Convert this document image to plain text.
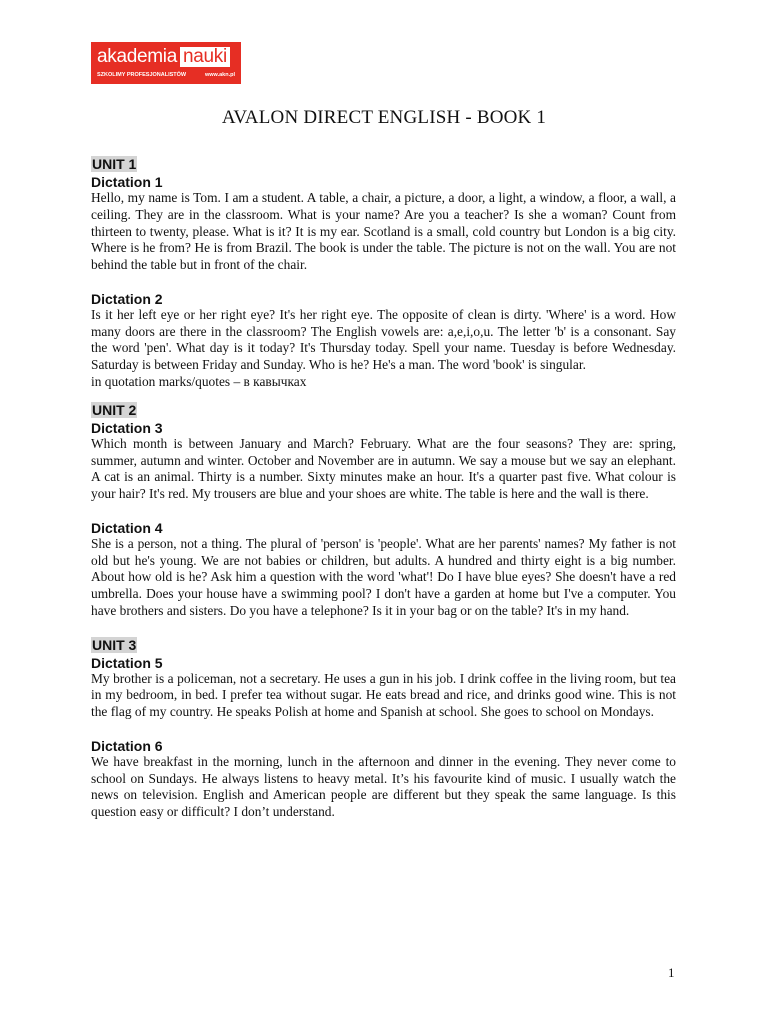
akademia nauki
SZKOLIMY PROFESJONALISTÓW	www.akn.pl
AVALON DIRECT ENGLISH - BOOK 1
UNIT 1
Dictation 1

Hello, my name is Tom. I am a student. A table, a chair, a picture, a door, a light, a window, a floor, a wall, a ceiling. They are in the classroom. What is your name? Are you a teacher? Is she a woman? Count from thirteen to twenty, please. What is it? It is my ear. Scotland is a small, cold country but London is a big city. Where is he from? He is from Brazil. The book is under the table. The picture is not on the wall. You are not behind the table but in front of the chair.

Dictation 2

Is it her left eye or her right eye? It's her right eye. The opposite of clean is dirty. 'Where' is a word. How many doors are there in the classroom? The English vowels are: a,e,i,o,u. The letter 'b' is a consonant. Say the word 'pen'. What day is it today? It's Thursday today. Spell your name. Tuesday is before Wednesday. Saturday is between Friday and Sunday. Who is he? He's a man. The word 'book' is singular.

in quotation marks/quotes – в кавычках

UNIT 2
Dictation 3

Which month is between January and March? February. What are the four seasons? They are: spring, summer, autumn and winter. October and November are in autumn. We say a mouse but we say an elephant. A cat is an animal. Thirty is a number. Sixty minutes make an hour. It's a quarter past five. What colour is your hair? It's red. My trousers are blue and your shoes are white. The table is here and the wall is there.

Dictation 4

She is a person, not a thing. The plural of 'person' is 'people'. What are her parents' names? My father is not old but he's young. We are not babies or children, but adults. A hundred and thirty eight is a big number. About how old is he? Ask him a question with the word 'what'! Do I have blue eyes? She doesn't have a red umbrella. Does your house have a swimming pool? I don't have a garden at home but I've a computer. You have brothers and sisters. Do you have a telephone? Is it in your bag or on the table? It's in my hand.

UNIT 3
Dictation 5

My brother is a policeman, not a secretary. He uses a gun in his job. I drink coffee in the living room, but tea in my bedroom, in bed. I prefer tea without sugar. He eats bread and rice, and drinks good wine. This is not the flag of my country. He speaks Polish at home and Spanish at school. She goes to school on Mondays.

Dictation 6

We have breakfast in the morning, lunch in the afternoon and dinner in the evening. They never come to school on Sundays. He always listens to heavy metal. It’s his favourite kind of music. I usually watch the news on television. English and American people are different but they speak the same language. Is this question easy or difficult? I don’t understand.

1
